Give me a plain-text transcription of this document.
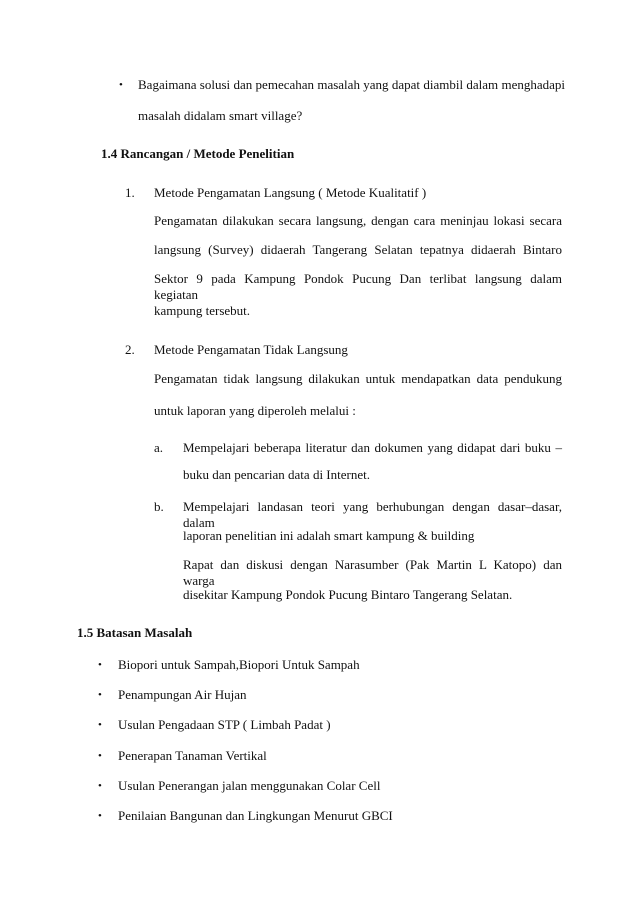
• Bagaimana solusi dan pemecahan masalah yang dapat diambil dalam menghadapi
masalah didalam smart village?
1.4 Rancangan / Metode Penelitian
1. Metode Pengamatan Langsung ( Metode Kualitatif )
Pengamatan dilakukan secara langsung, dengan cara meninjau lokasi secara
langsung (Survey) didaerah Tangerang Selatan tepatnya didaerah Bintaro
Sektor 9 pada Kampung Pondok Pucung Dan terlibat langsung dalam kegiatan
kampung tersebut.
2. Metode Pengamatan Tidak Langsung
Pengamatan tidak langsung dilakukan untuk mendapatkan data pendukung
untuk laporan yang diperoleh melalui :
a. Mempelajari beberapa literatur dan dokumen yang didapat dari buku –
buku dan pencarian data di Internet.
b. Mempelajari landasan teori yang berhubungan dengan dasar–dasar, dalam
laporan penelitian ini adalah smart kampung & building
Rapat dan diskusi dengan Narasumber (Pak Martin L Katopo) dan warga
disekitar Kampung Pondok Pucung Bintaro Tangerang Selatan.
1.5 Batasan Masalah
• Biopori untuk Sampah,Biopori Untuk Sampah
• Penampungan Air Hujan
• Usulan Pengadaan STP ( Limbah Padat )
• Penerapan Tanaman Vertikal
• Usulan Penerangan jalan menggunakan Colar Cell
• Penilaian Bangunan dan Lingkungan Menurut GBCI
